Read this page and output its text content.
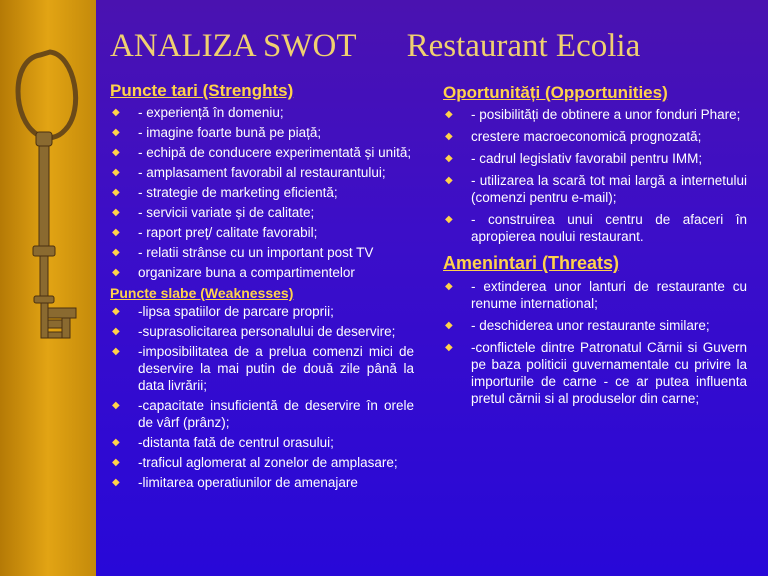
ANALIZA SWOT Restaurant Ecolia
Puncte tari (Strenghts)
◆ - experiență în domeniu;
◆ - imagine foarte bună pe piață;
◆ - echipă de conducere experimentată și unită;
◆ - amplasament favorabil al restaurantului;
◆ - strategie de marketing eficientă;
◆ - servicii variate și de calitate;
◆ - raport preț/ calitate favorabil;
◆ - relatii strânse cu un important post TV
◆ organizare buna a compartimentelor
Puncte slabe (Weaknesses)
◆ -lipsa spatiilor de parcare proprii;
◆ -suprasolicitarea personalului de deservire;
◆ -imposibilitatea de a prelua comenzi mici de deservire la mai putin de două zile până la data livrării;
◆ -capacitate insuficientă de deservire în orele de vârf (prânz);
◆ -distanta fată de centrul orasului;
◆ -traficul aglomerat al zonelor de amplasare;
◆ -limitarea operatiunilor de amenajare
Oportunități (Opportunities)
◆ - posibilități de obtinere a unor fonduri Phare;
◆ crestere macroeconomică prognozată;
◆ - cadrul legislativ favorabil pentru IMM;
◆ - utilizarea la scară tot mai largă a internetului (comenzi pentru e-mail);
◆ - construirea unui centru de afaceri în apropierea noului restaurant.
Amenintari (Threats)
◆ - extinderea unor lanturi de restaurante cu renume international;
◆ - deschiderea unor restaurante similare;
◆ -conflictele dintre Patronatul Cărnii si Guvern pe baza politicii guvernamentale cu privire la importurile de carne - ce ar putea influenta pretul cărnii si al produselor din carne;
